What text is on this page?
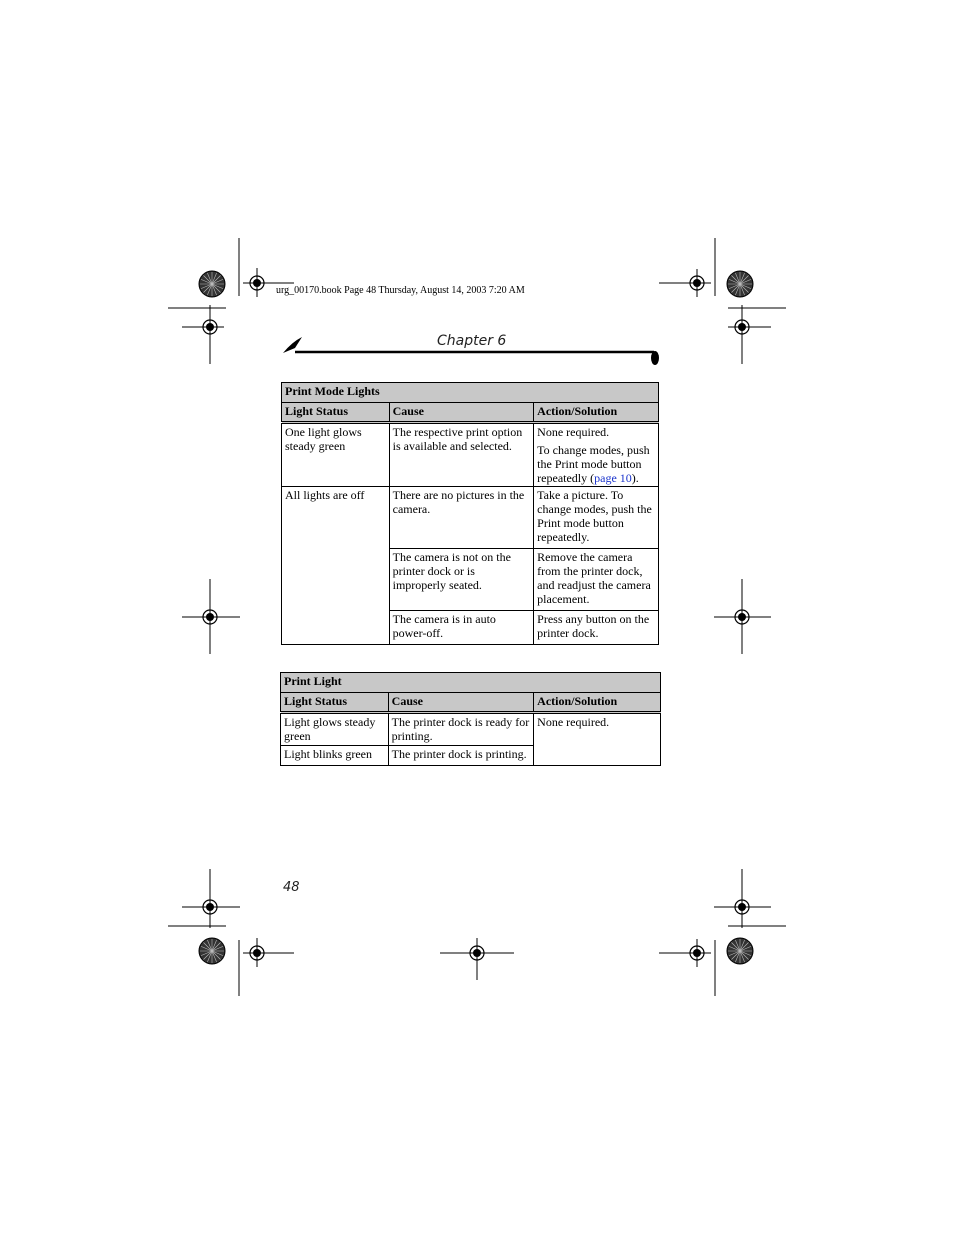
urg_00170.book Page 48 Thursday, August 14, 2003 7:20 AM
Chapter 6
Print Mode Lights		
Light Status	Cause	Action/Solution
One light glows steady green	The respective print option is available and selected.	None required.
To change modes, push the Print mode button repeatedly (page 10).

All lights are off	There are no pictures in the camera.	Take a picture. To change modes, push the Print mode button repeatedly.
	The camera is not on the printer dock or is improperly seated.	Remove the camera from the printer dock, and readjust the camera placement.
	The camera is in auto power-off.	Press any button on the printer dock.
Print Light		
Light Status	Cause	Action/Solution
Light glows steady green	The printer dock is ready for printing.	None required.
Light blinks green	The printer dock is printing.	
48
